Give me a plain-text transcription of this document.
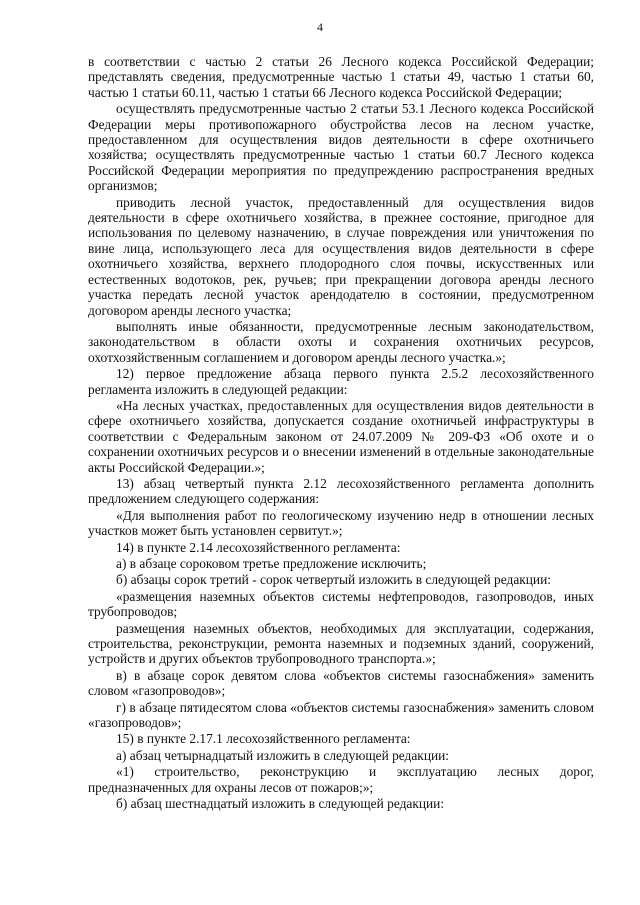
4

в соответствии с частью 2 статьи 26 Лесного кодекса Российской Федерации; представлять сведения, предусмотренные частью 1 статьи 49, частью 1 статьи 60, частью 1 статьи 60.11, частью 1 статьи 66 Лесного кодекса Российской Федерации;

осуществлять предусмотренные частью 2 статьи 53.1 Лесного кодекса Российской Федерации меры противопожарного обустройства лесов на лесном участке, предоставленном для осуществления видов деятельности в сфере охотничьего хозяйства; осуществлять предусмотренные частью 1 статьи 60.7 Лесного кодекса Российской Федерации мероприятия по предупреждению распространения вредных организмов;

приводить лесной участок, предоставленный для осуществления видов деятельности в сфере охотничьего хозяйства, в прежнее состояние, пригодное для использования по целевому назначению, в случае повреждения или уничтожения по вине лица, использующего леса для осуществления видов деятельности в сфере охотничьего хозяйства, верхнего плодородного слоя почвы, искусственных или естественных водотоков, рек, ручьев; при прекращении договора аренды лесного участка передать лесной участок арендодателю в состоянии, предусмотренном договором аренды лесного участка;

выполнять иные обязанности, предусмотренные лесным законодательством, законодательством в области охоты и сохранения охотничьих ресурсов, охотхозяйственным соглашением и договором аренды лесного участка.»;

12) первое предложение абзаца первого пункта 2.5.2 лесохозяйственного регламента изложить в следующей редакции:

«На лесных участках, предоставленных для осуществления видов деятельности в сфере охотничьего хозяйства, допускается создание охотничьей инфраструктуры в соответствии с Федеральным законом от 24.07.2009 № 209-ФЗ «Об охоте и о сохранении охотничьих ресурсов и о внесении изменений в отдельные законодательные акты Российской Федерации.»;

13) абзац четвертый пункта 2.12 лесохозяйственного регламента дополнить предложением следующего содержания:

«Для выполнения работ по геологическому изучению недр в отношении лесных участков может быть установлен сервитут.»;

14) в пункте 2.14 лесохозяйственного регламента:

а) в абзаце сороковом третье предложение исключить;

б) абзацы сорок третий - сорок четвертый изложить в следующей редакции:

«размещения наземных объектов системы нефтепроводов, газопроводов, иных трубопроводов;

размещения наземных объектов, необходимых для эксплуатации, содержания, строительства, реконструкции, ремонта наземных и подземных зданий, сооружений, устройств и других объектов трубопроводного транспорта.»;

в) в абзаце сорок девятом слова «объектов системы газоснабжения» заменить словом «газопроводов»;

г) в абзаце пятидесятом слова «объектов системы газоснабжения» заменить словом «газопроводов»;

15) в пункте 2.17.1 лесохозяйственного регламента:

а) абзац четырнадцатый изложить в следующей редакции:

«1) строительство, реконструкцию и эксплуатацию лесных дорог, предназначенных для охраны лесов от пожаров;»;

б) абзац шестнадцатый изложить в следующей редакции:
